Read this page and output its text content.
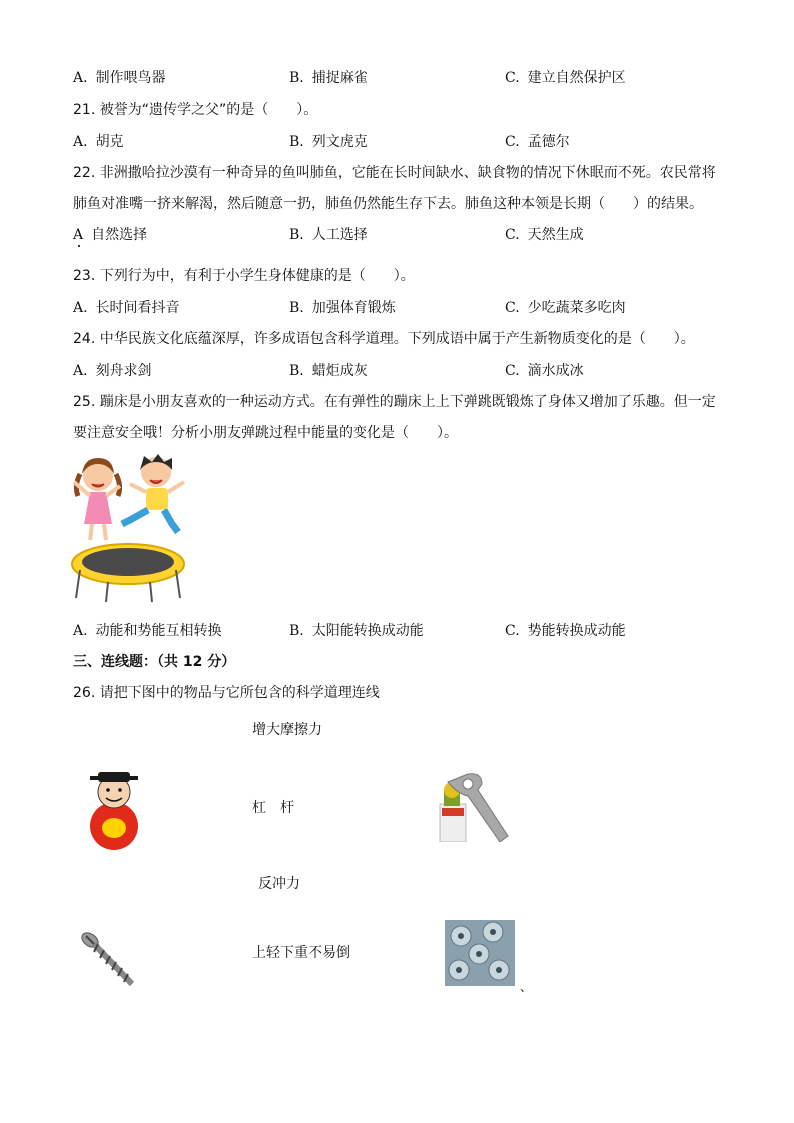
A. 制作喂鸟器	B. 捕捉麻雀	C. 建立自然保护区
21. 被誉为“遗传学之父”的是（　　）。
A. 胡克	B. 列文虎克	C. 孟德尔
22. 非洲撒哈拉沙漠有一种奇异的鱼叫肺鱼，它能在长时间缺水、缺食物的情况下休眠而不死。农民常将
肺鱼对准嘴一挤来解渴，然后随意一扔，肺鱼仍然能生存下去。肺鱼这种本领是长期（　　）的结果。
A 自然选择	B. 人工选择	C. 天然生成
23. 下列行为中，有利于小学生身体健康的是（　　）。
A. 长时间看抖音	B. 加强体育锻炼	C. 少吃蔬菜多吃肉
24. 中华民族文化底蕴深厚，许多成语包含科学道理。下列成语中属于产生新物质变化的是（　　）。
A. 刻舟求剑	B. 蜡炬成灰	C. 滴水成冰
25. 蹦床是小朋友喜欢的一种运动方式。在有弹性的蹦床上上下弹跳既锻炼了身体又增加了乐趣。但一定
要注意安全哦！分析小朋友弹跳过程中能量的变化是（　　）。
A. 动能和势能互相转换	B. 太阳能转换成动能	C. 势能转换成动能
三、连线题：（共 12 分）
26. 请把下图中的物品与它所包含的科学道理连线
增大摩擦力
杠　杆
反冲力
上轻下重不易倒
、
